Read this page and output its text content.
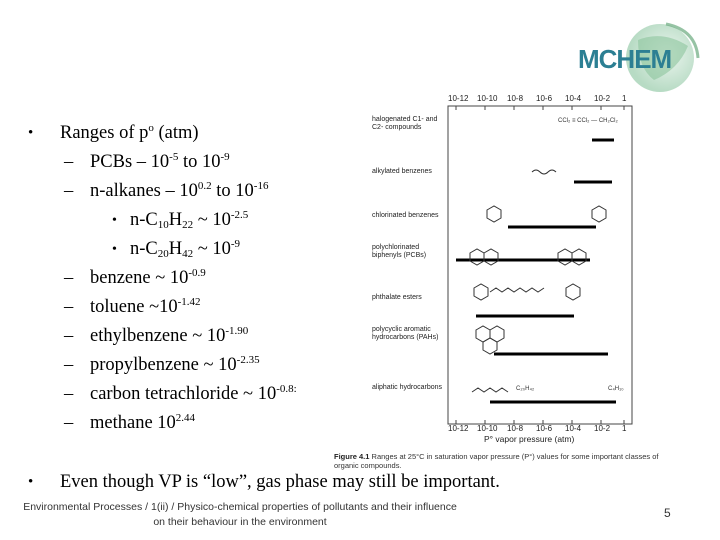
MCHEM
• Ranges of $p^o$ (atm)
– PCBs – $10^{-5}$ to $10^{-9}$
– n-alkanes – $10^{0.2}$ to $10^{-16}$
• $n-C_{10}H_{22}$ ~ $10^{-2.5}$
• $n-C_{20}H_{42}$ ~ $10^{-9}$
– benzene ~ $10^{-0.9}$
– toluene $\sim 10^{-1.42}$
– ethylbenzene ~ $10^{-1.90}$
– propylbenzene ~ $10^{-2.35}$
– carbon tetrachloride ~ $10^{-0.8:}$
– methane $10^{2.44}$
10-12 10-10 10-8 10-6 10-4 10-2 1
10-12 10-10 10-8 10-6 10-4 10-2 1
P° vapor pressure (atm)
halogenated C1- and C2- compounds
alkylated benzenes
chlorinated benzenes
polychlorinated biphenyls (PCBs)
phthalate esters
polycyclic aromatic hydrocarbons (PAHs)
aliphatic hydrocarbons
CCl₂ ≡ CCl₂ — CH₂Cl₂
C₂₀H₄₂	C₄H₁₀
Figure 4.1 Ranges at 25°C in saturation vapor pressure (P°) values for some important classes of organic compounds.
• Even though VP is “low”, gas phase may still be important.
Environmental Processes / 1(ii) / Physico-chemical properties of pollutants and their influence
on their behaviour in the environment
5
